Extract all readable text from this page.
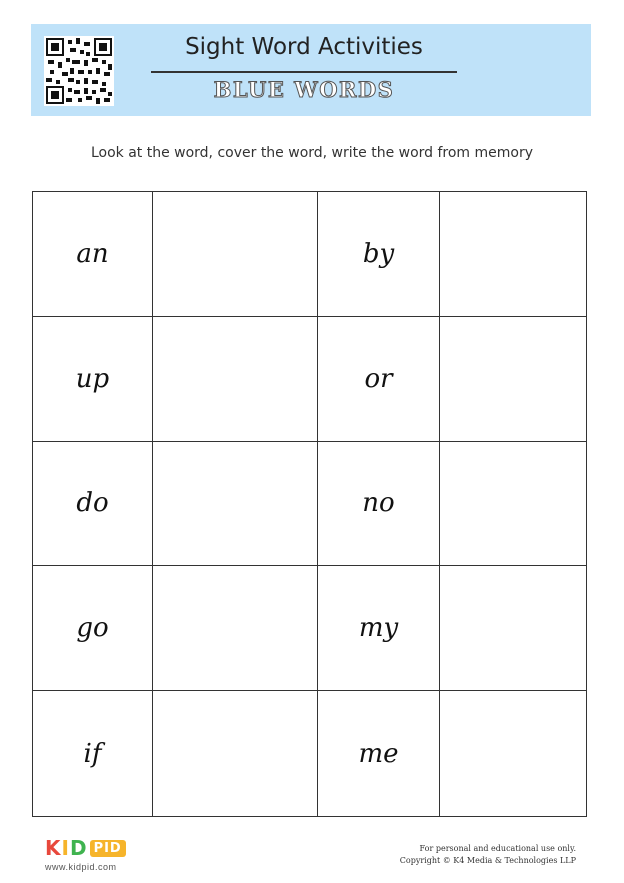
Sight Word Activities
BLUE WORDS
Look at the word, cover the word, write the word from memory
an	by
up	or
do	no
go	my
if	me
KID PID
www.kidpid.com
For personal and educational use only.
Copyright © K4 Media & Technologies LLP
